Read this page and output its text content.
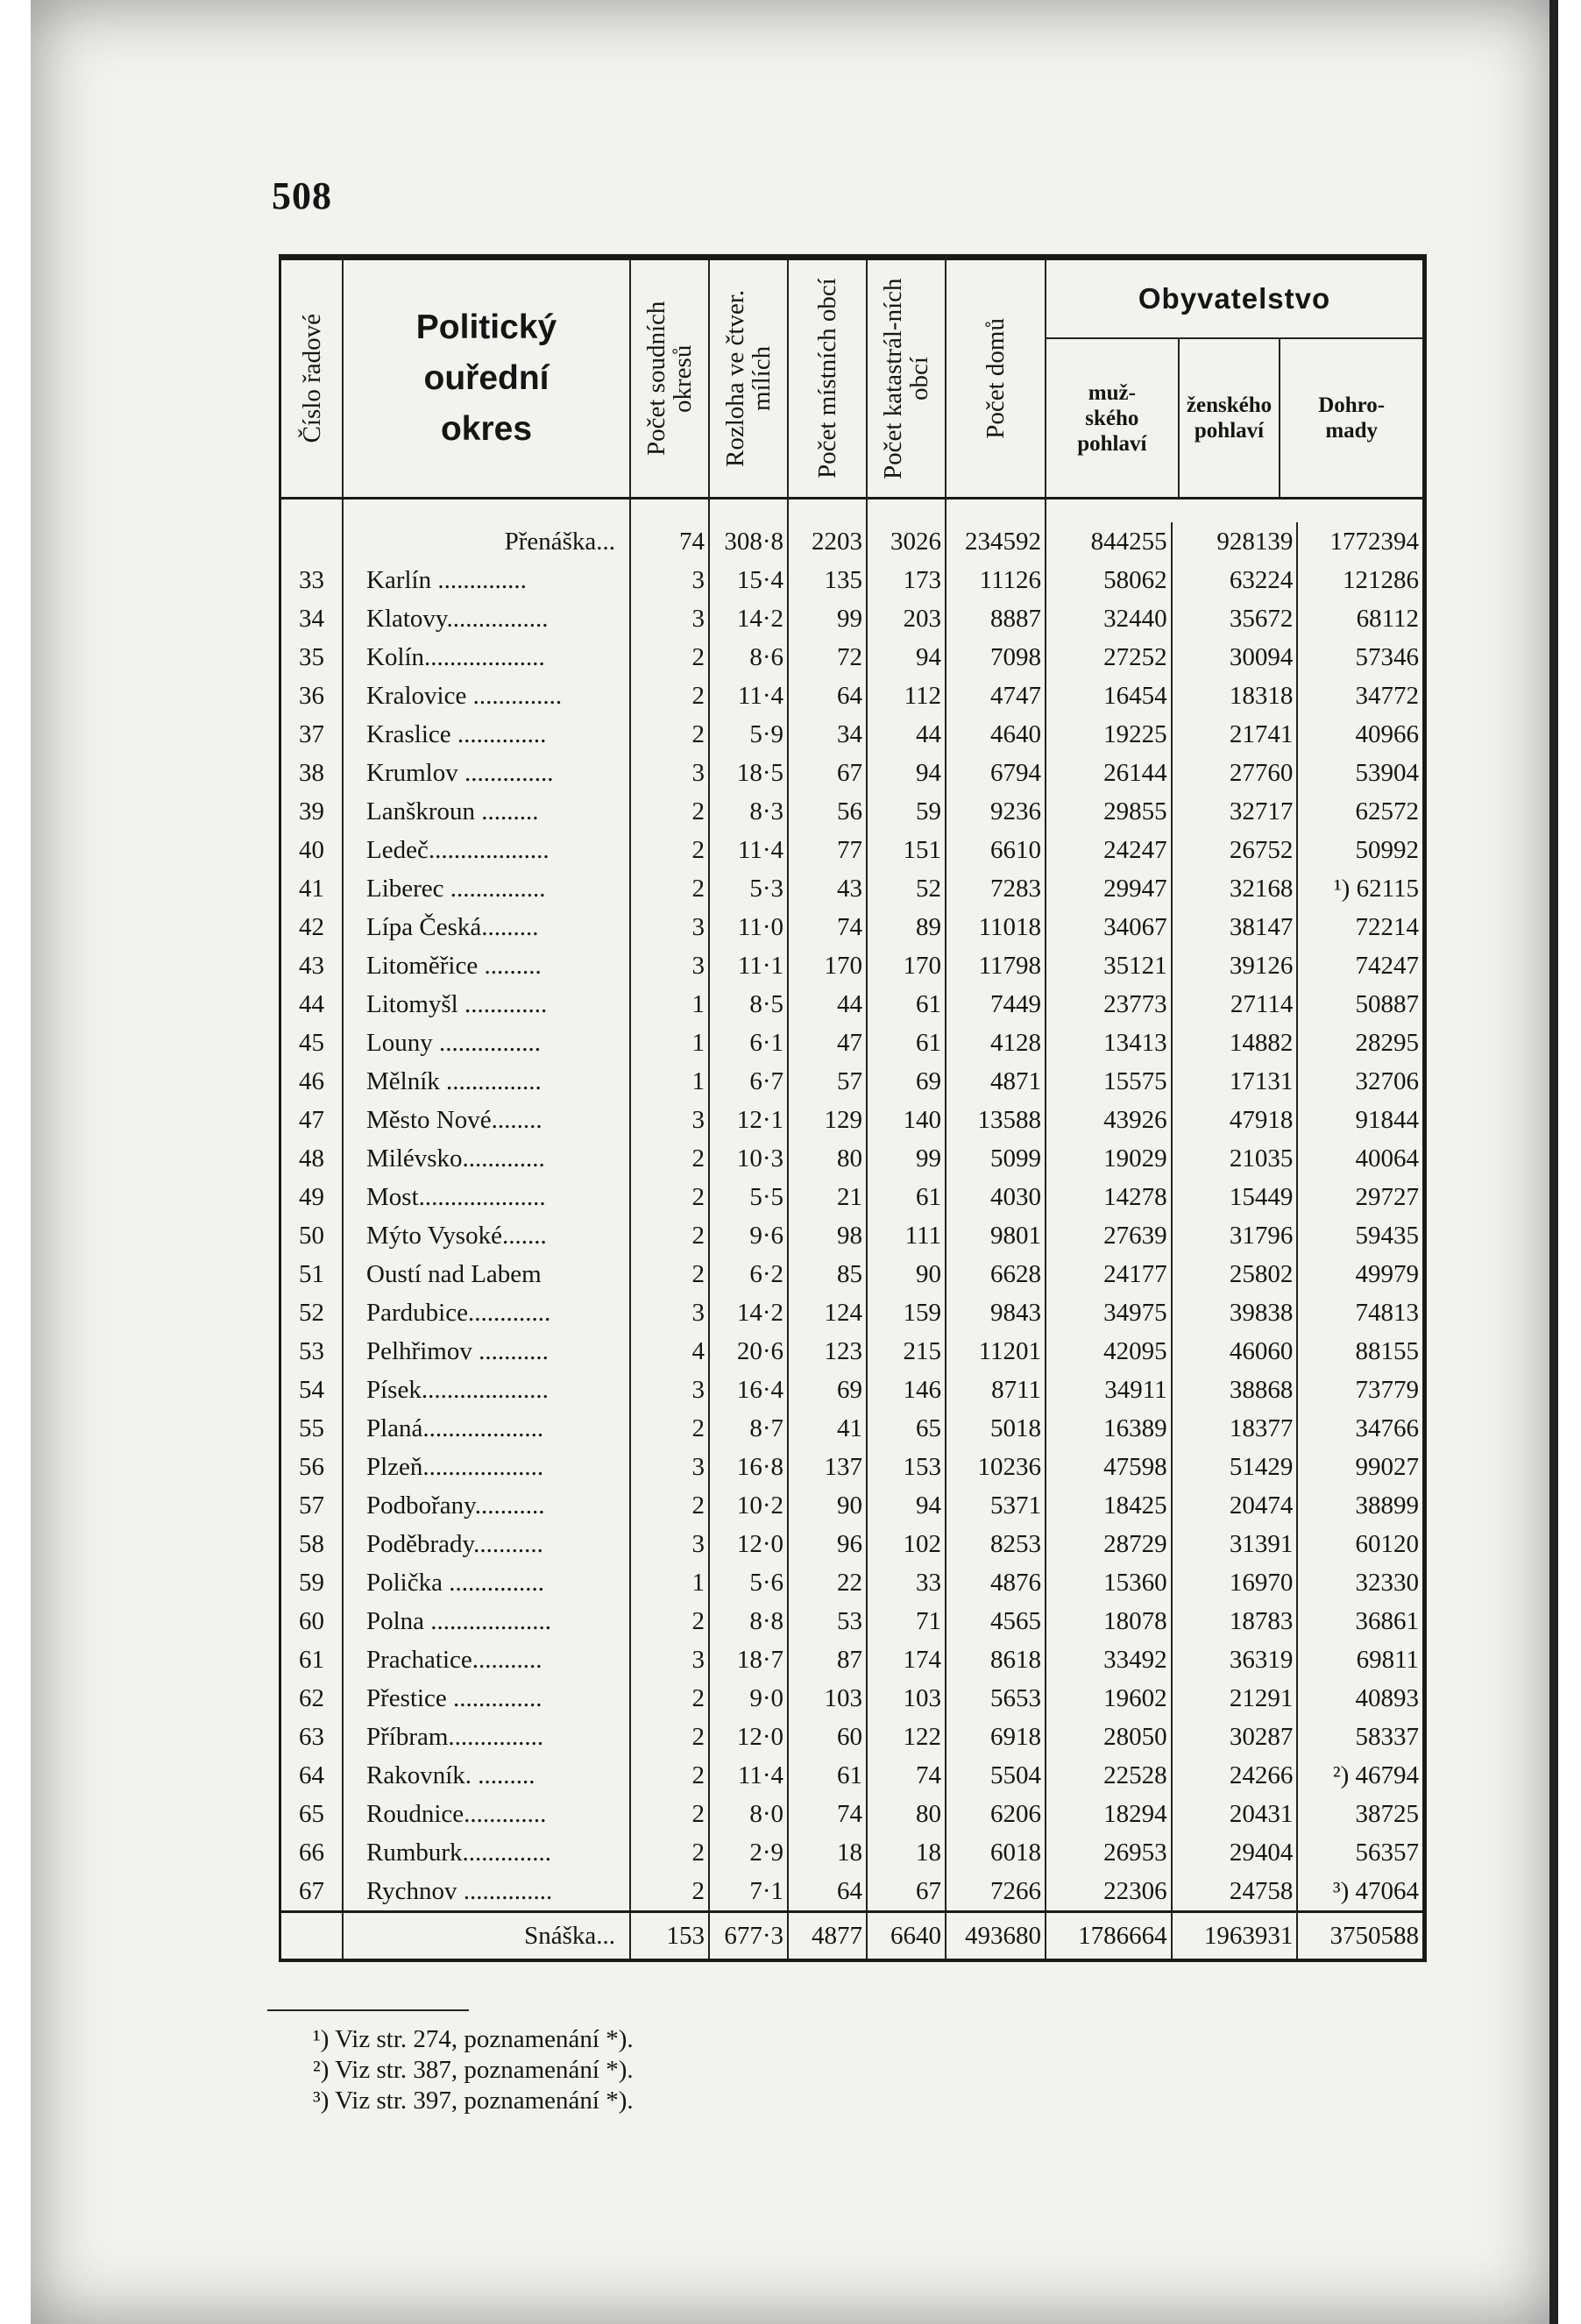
508
Číslo řadové	Politický ouřední okres	Počet soudních okresů	Rozloha ve čtver. mílích	Počet místních obcí	Počet katastrál-ních obcí	Počet domů	Obyvatelstvo
muž-ského pohlaví
ženského pohlaví
Dohro-mady

	Přenáška...	74	308·8	2203	3026	234592	844255 928139 1772394

33	Karlín ..............	3	15·4	135	173	11126	58062 63224 121286

34	Klatovy................	3	14·2	99	203	8887	32440 35672 68112

35	Kolín...................	2	8·6	72	94	7098	27252 30094 57346

36	Kralovice ..............	2	11·4	64	112	4747	16454 18318 34772

37	Kraslice ..............	2	5·9	34	44	4640	19225 21741 40966

38	Krumlov ..............	3	18·5	67	94	6794	26144 27760 53904

39	Lanškroun .........	2	8·3	56	59	9236	29855 32717 62572

40	Ledeč...................	2	11·4	77	151	6610	24247 26752 50992

41	Liberec ...............	2	5·3	43	52	7283	29947 32168 ¹) 62115

42	Lípa Česká.........	3	11·0	74	89	11018	34067 38147 72214

43	Litoměřice .........	3	11·1	170	170	11798	35121 39126 74247

44	Litomyšl .............	1	8·5	44	61	7449	23773 27114 50887

45	Louny ................	1	6·1	47	61	4128	13413 14882 28295

46	Mělník ...............	1	6·7	57	69	4871	15575 17131 32706

47	Město Nové........	3	12·1	129	140	13588	43926 47918 91844

48	Milévsko.............	2	10·3	80	99	5099	19029 21035 40064

49	Most....................	2	5·5	21	61	4030	14278 15449 29727

50	Mýto Vysoké.......	2	9·6	98	111	9801	27639 31796 59435

51	Oustí nad Labem	2	6·2	85	90	6628	24177 25802 49979

52	Pardubice.............	3	14·2	124	159	9843	34975 39838 74813

53	Pelhřimov ...........	4	20·6	123	215	11201	42095 46060 88155

54	Písek....................	3	16·4	69	146	8711	34911 38868 73779

55	Planá...................	2	8·7	41	65	5018	16389 18377 34766

56	Plzeň...................	3	16·8	137	153	10236	47598 51429 99027

57	Podbořany...........	2	10·2	90	94	5371	18425 20474 38899

58	Poděbrady...........	3	12·0	96	102	8253	28729 31391 60120

59	Polička ...............	1	5·6	22	33	4876	15360 16970 32330

60	Polna ...................	2	8·8	53	71	4565	18078 18783 36861

61	Prachatice...........	3	18·7	87	174	8618	33492 36319 69811

62	Přestice ..............	2	9·0	103	103	5653	19602 21291 40893

63	Příbram...............	2	12·0	60	122	6918	28050 30287 58337

64	Rakovník. .........	2	11·4	61	74	5504	22528 24266 ²) 46794

65	Roudnice.............	2	8·0	74	80	6206	18294 20431 38725

66	Rumburk..............	2	2·9	18	18	6018	26953 29404 56357

67	Rychnov ..............	2	7·1	64	67	7266	22306 24758 ³) 47064

	Snáška...	153	677·3	4877	6640	493680	1786664 1963931 3750588
¹) Viz str. 274, poznamenání *).
²) Viz str. 387, poznamenání *).
³) Viz str. 397, poznamenání *).
